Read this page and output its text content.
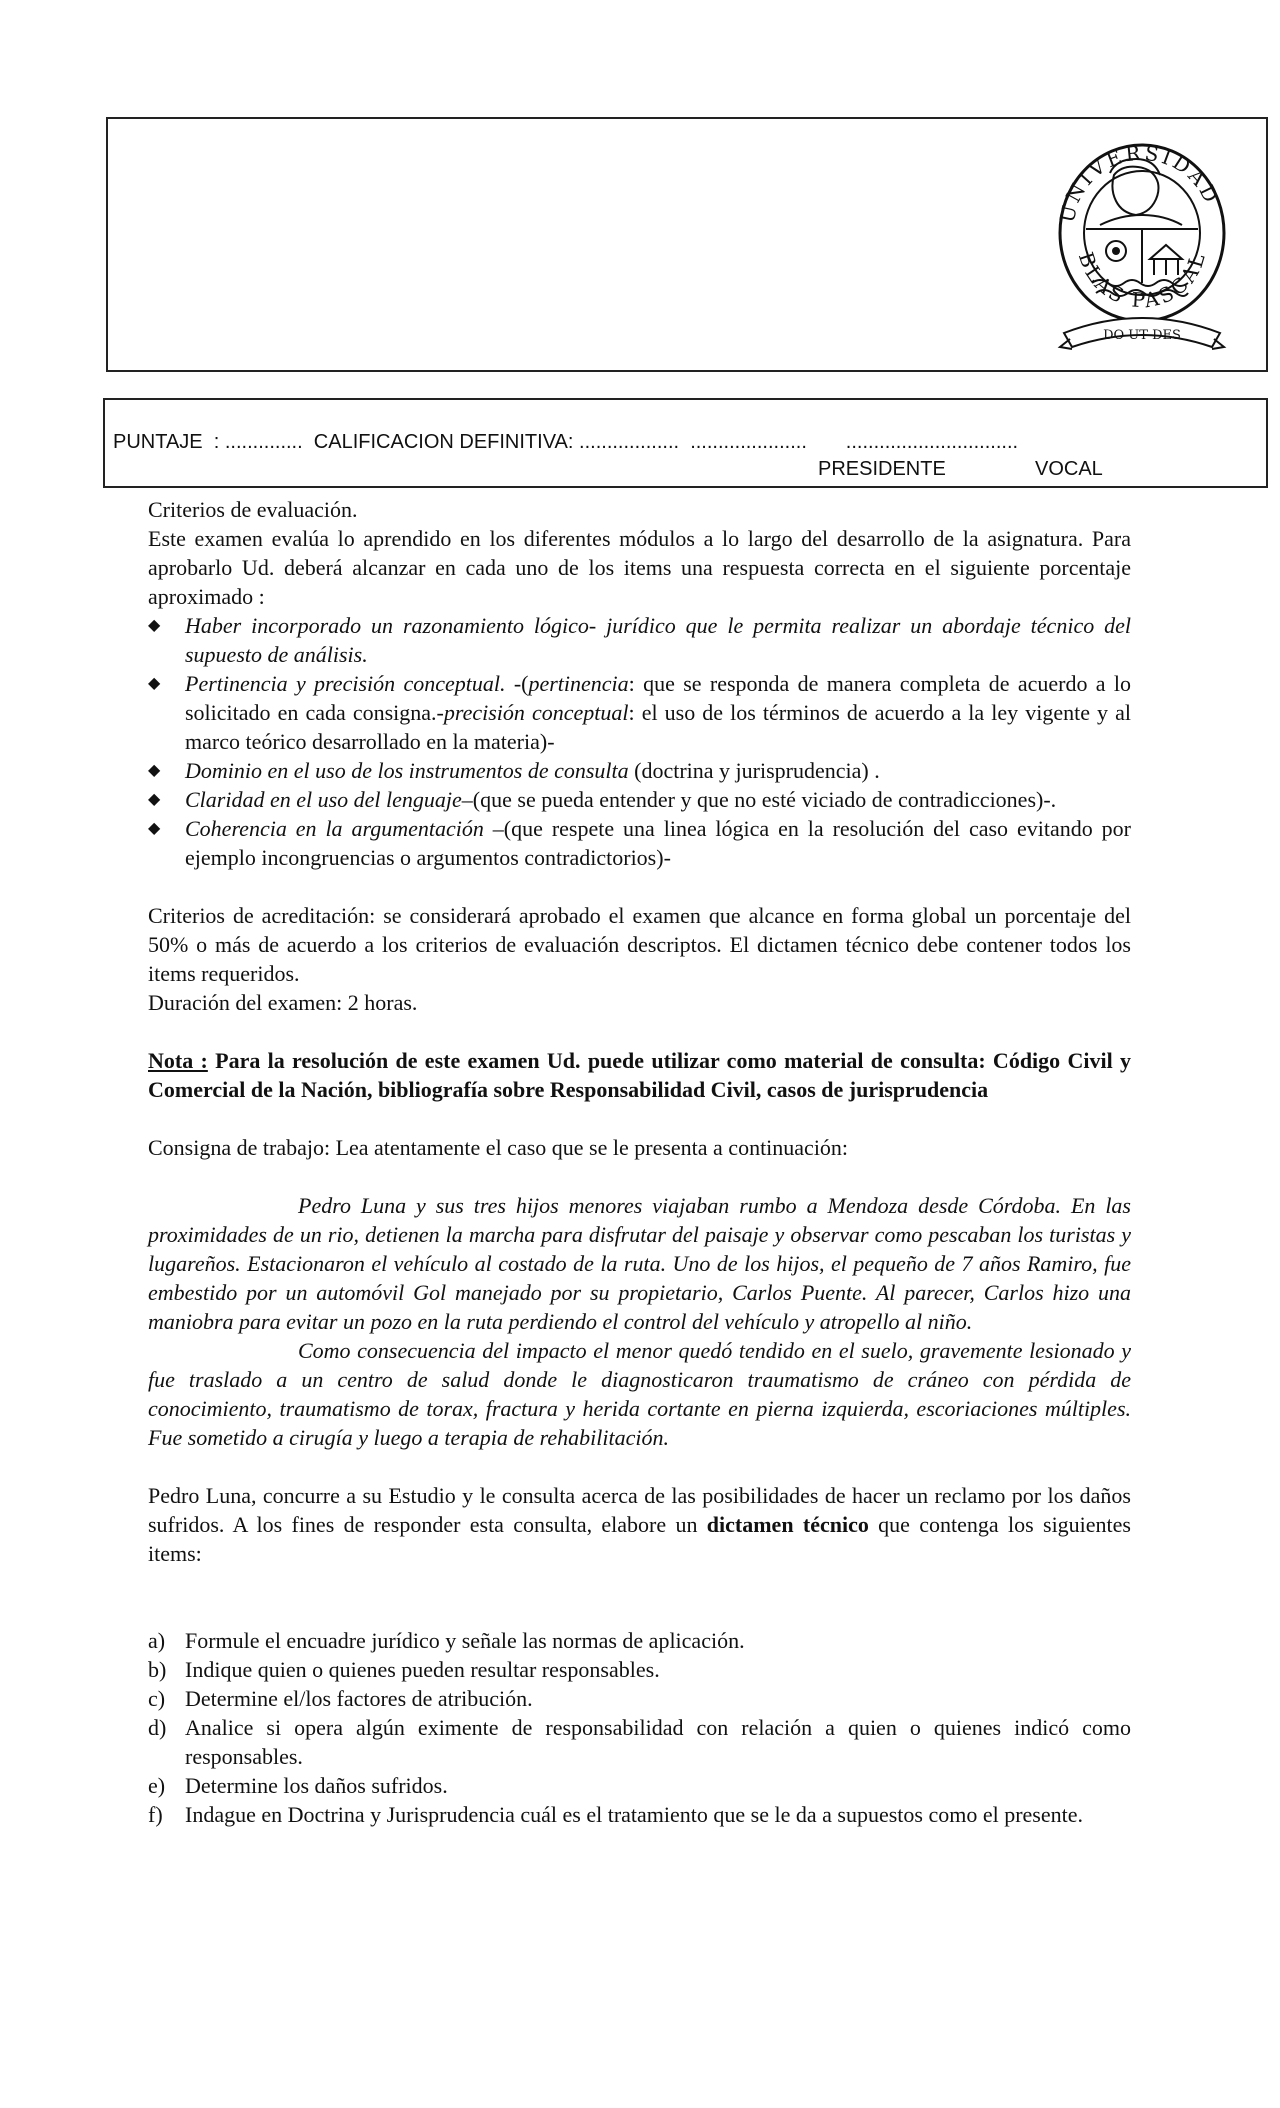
UNIVERSIDAD
BLAS PASCAL
DO UT DES
PUNTAJE  : .............. CALIFICACION DEFINITIVA: .................. ..................... ...............................
PRESIDENTE	VOCAL

Criterios de evaluación.

Este examen evalúa lo aprendido en los diferentes módulos a lo largo del desarrollo de la asignatura. Para aprobarlo Ud. deberá alcanzar en cada uno de los items una respuesta correcta en el siguiente porcentaje aproximado :

◆ Haber incorporado un razonamiento lógico- jurídico que le permita realizar un abordaje técnico del supuesto de análisis.
◆ Pertinencia y precisión conceptual. -(pertinencia: que se responda de manera completa de acuerdo a lo solicitado en cada consigna.-precisión conceptual: el uso de los términos de acuerdo a la ley vigente y al marco teórico desarrollado en la materia)-
◆ Dominio en el uso de los instrumentos de consulta (doctrina y jurisprudencia) .
◆ Claridad en el uso del lenguaje–(que se pueda entender y que no esté viciado de contradicciones)-.
◆ Coherencia en la argumentación –(que respete una linea lógica en la resolución del caso evitando por ejemplo incongruencias o argumentos contradictorios)-

Criterios de acreditación: se considerará aprobado el examen que alcance en forma global un porcentaje del 50% o más de acuerdo a los criterios de evaluación descriptos. El dictamen técnico debe contener todos los items requeridos.

Duración del examen: 2 horas.

Nota : Para la resolución de este examen Ud. puede utilizar como material de consulta: Código Civil y Comercial de la Nación, bibliografía sobre Responsabilidad Civil, casos de jurisprudencia

Consigna de trabajo: Lea atentamente el caso que se le presenta a continuación:

Pedro Luna y sus tres hijos menores viajaban rumbo a Mendoza desde Córdoba. En las proximidades de un rio, detienen la marcha para disfrutar del paisaje y observar como pescaban los turistas y lugareños. Estacionaron el vehículo al costado de la ruta. Uno de los hijos, el pequeño de 7 años Ramiro, fue embestido por un automóvil Gol manejado por su propietario, Carlos Puente. Al parecer, Carlos hizo una maniobra para evitar un pozo en la ruta perdiendo el control del vehículo y atropello al niño.

Como consecuencia del impacto el menor quedó tendido en el suelo, gravemente lesionado y fue traslado a un centro de salud donde le diagnosticaron traumatismo de cráneo con pérdida de conocimiento, traumatismo de torax, fractura y herida cortante en pierna izquierda, escoriaciones múltiples. Fue sometido a cirugía y luego a terapia de rehabilitación.

Pedro Luna, concurre a su Estudio y le consulta acerca de las posibilidades de hacer un reclamo por los daños sufridos. A los fines de responder esta consulta, elabore un dictamen técnico que contenga los siguientes items:

a) Formule el encuadre jurídico y señale las normas de aplicación.
b) Indique quien o quienes pueden resultar responsables.
c) Determine el/los factores de atribución.
d) Analice si opera algún eximente de responsabilidad con relación a quien o quienes indicó como responsables.
e) Determine los daños sufridos.
f) Indague en Doctrina y Jurisprudencia cuál es el tratamiento que se le da a supuestos como el presente.
